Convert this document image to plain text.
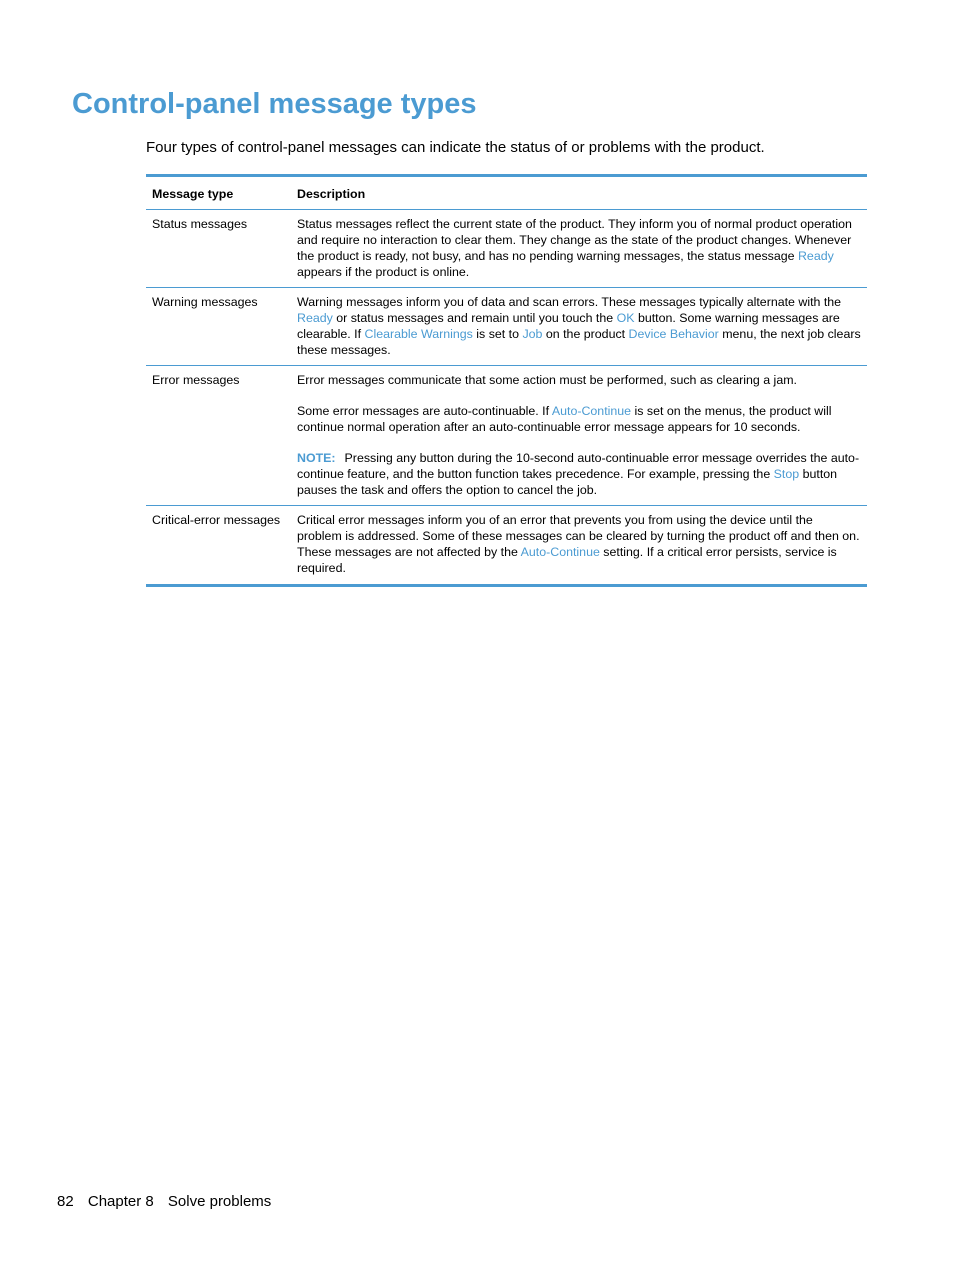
Control-panel message types

Four types of control-panel messages can indicate the status of or problems with the product.

Message type	Description
Status messages	Status messages reflect the current state of the product. They inform you of normal product operation and require no interaction to clear them. They change as the state of the product changes. Whenever the product is ready, not busy, and has no pending warning messages, the status message Ready appears if the product is online.

Warning messages	Warning messages inform you of data and scan errors. These messages typically alternate with the Ready or status messages and remain until you touch the OK button. Some warning messages are clearable. If Clearable Warnings is set to Job on the product Device Behavior menu, the next job clears these messages.

Error messages	Error messages communicate that some action must be performed, such as clearing a jam.

Some error messages are auto-continuable. If Auto-Continue is set on the menus, the product will continue normal operation after an auto-continuable error message appears for 10 seconds.

NOTE: Pressing any button during the 10-second auto-continuable error message overrides the auto-continue feature, and the button function takes precedence. For example, pressing the Stop button pauses the task and offers the option to cancel the job.

Critical-error messages	Critical error messages inform you of an error that prevents you from using the device until the problem is addressed. Some of these messages can be cleared by turning the product off and then on. These messages are not affected by the Auto-Continue setting. If a critical error persists, service is required.

82 Chapter 8 Solve problems
